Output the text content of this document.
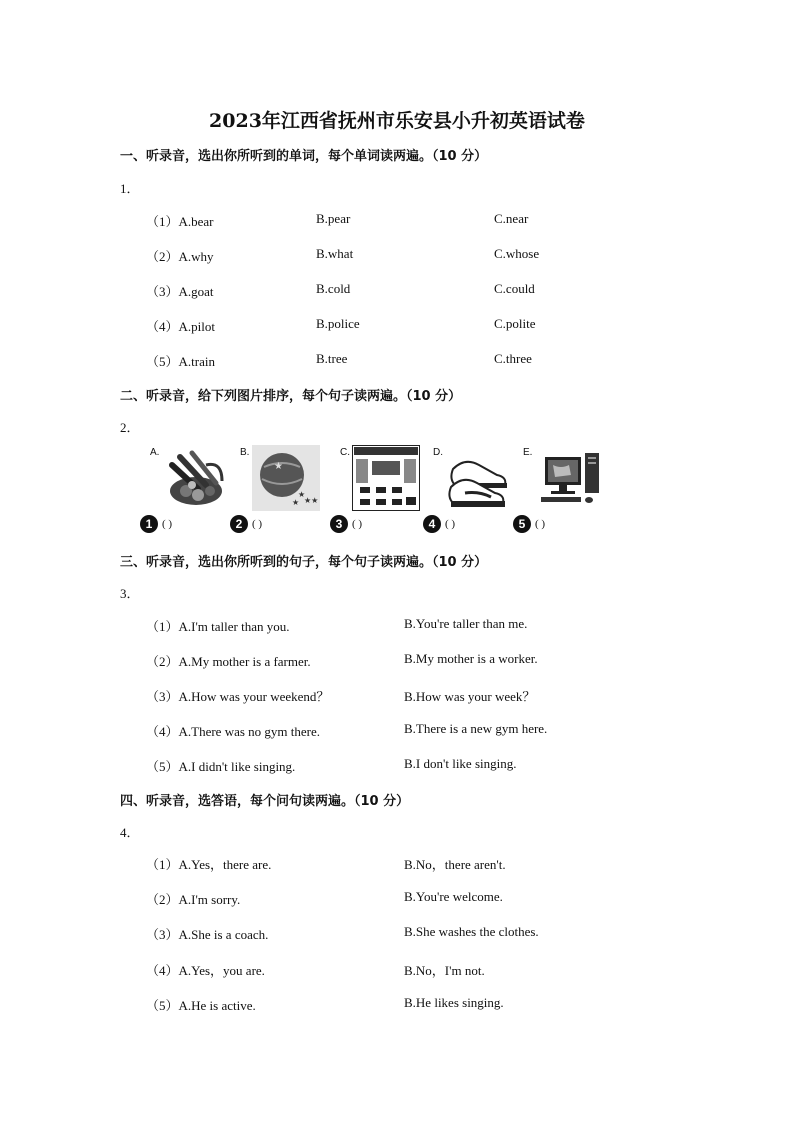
2023年江西省抚州市乐安县小升初英语试卷
一、听录音，选出你所听到的单词，每个单词读两遍。（10 分）
1．
（1）A.bear	B.pear	C.near
（2）A.why	B.what	C.whose
（3）A.goat	B.cold	C.could
（4）A.pilot	B.police	C.polite
（5）A.train	B.tree	C.three
二、听录音，给下列图片排序，每个句子读两遍。（10 分）
2．
A.
1 ( )
B.
★
★
★★
★
2 ( )
C.
3 ( )
D.
4 ( )
E.
5 ( )
三、听录音，选出你所听到的句子，每个句子读两遍。（10 分）
3．
（1）A.I'm taller than you.	B.You're taller than me.
（2）A.My mother is a farmer.	B.My mother is a worker.
（3）A.How was your weekend？	B.How was your week？
（4）A.There was no gym there.	B.There is a new gym here.
（5）A.I didn't like singing.	B.I don't like singing.
四、听录音，选答语，每个问句读两遍。（10 分）
4．
（1）A.Yes，there are.	B.No，there aren't.
（2）A.I'm sorry.	B.You're welcome.
（3）A.She is a coach.	B.She washes the clothes.
（4）A.Yes，you are.	B.No，I'm not.
（5）A.He is active.	B.He likes singing.
